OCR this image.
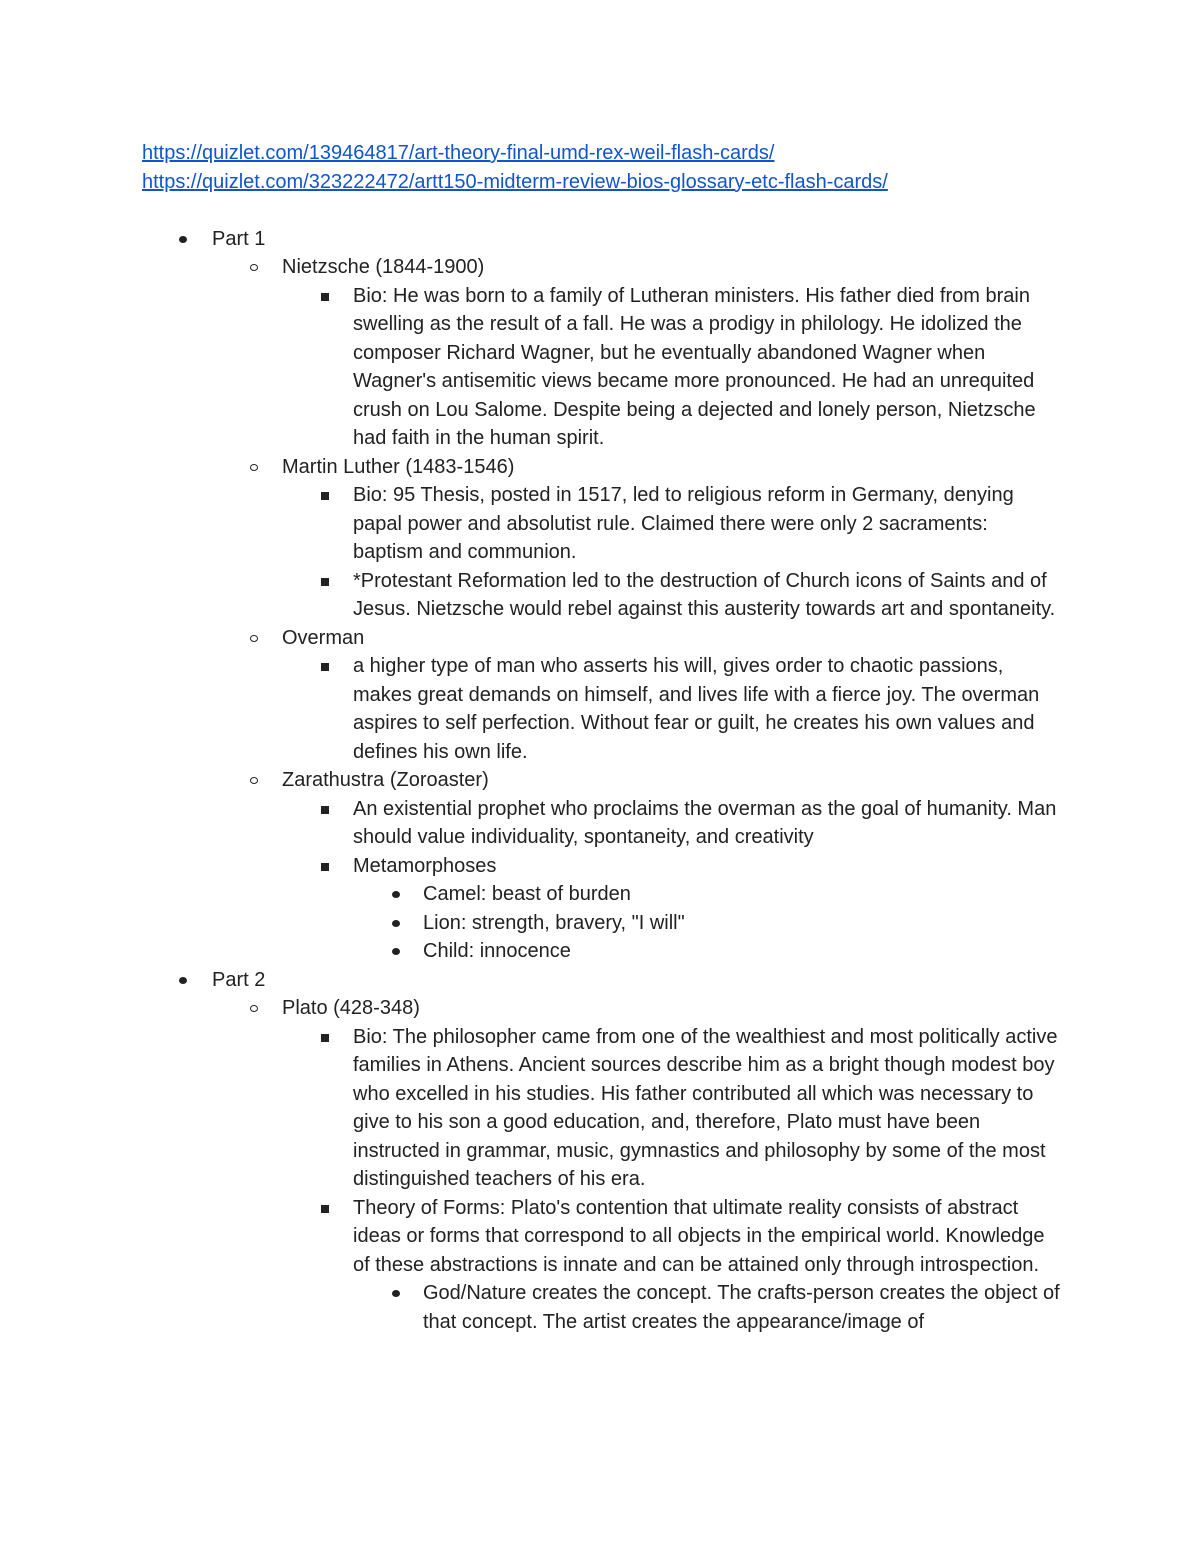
https://quizlet.com/139464817/art-theory-final-umd-rex-weil-flash-cards/
https://quizlet.com/323222472/artt150-midterm-review-bios-glossary-etc-flash-cards/
Part 1
Nietzsche (1844-1900)
Bio: He was born to a family of Lutheran ministers. His father died from brain swelling as the result of a fall. He was a prodigy in philology. He idolized the composer Richard Wagner, but he eventually abandoned Wagner when Wagner's antisemitic views became more pronounced. He had an unrequited crush on Lou Salome. Despite being a dejected and lonely person, Nietzsche had faith in the human spirit.
Martin Luther (1483-1546)
Bio: 95 Thesis, posted in 1517, led to religious reform in Germany, denying papal power and absolutist rule. Claimed there were only 2 sacraments: baptism and communion.
*Protestant Reformation led to the destruction of Church icons of Saints and of Jesus. Nietzsche would rebel against this austerity towards art and spontaneity.
Overman
a higher type of man who asserts his will, gives order to chaotic passions, makes great demands on himself, and lives life with a fierce joy. The overman aspires to self perfection. Without fear or guilt, he creates his own values and defines his own life.
Zarathustra (Zoroaster)
An existential prophet who proclaims the overman as the goal of humanity. Man should value individuality, spontaneity, and creativity
Metamorphoses
Camel: beast of burden
Lion: strength, bravery, "I will"
Child: innocence
Part 2
Plato (428-348)
Bio: The philosopher came from one of the wealthiest and most politically active families in Athens. Ancient sources describe him as a bright though modest boy who excelled in his studies. His father contributed all which was necessary to give to his son a good education, and, therefore, Plato must have been instructed in grammar, music, gymnastics and philosophy by some of the most distinguished teachers of his era.
Theory of Forms: Plato's contention that ultimate reality consists of abstract ideas or forms that correspond to all objects in the empirical world. Knowledge of these abstractions is innate and can be attained only through introspection.
God/Nature creates the concept. The crafts-person creates the object of that concept. The artist creates the appearance/image of
